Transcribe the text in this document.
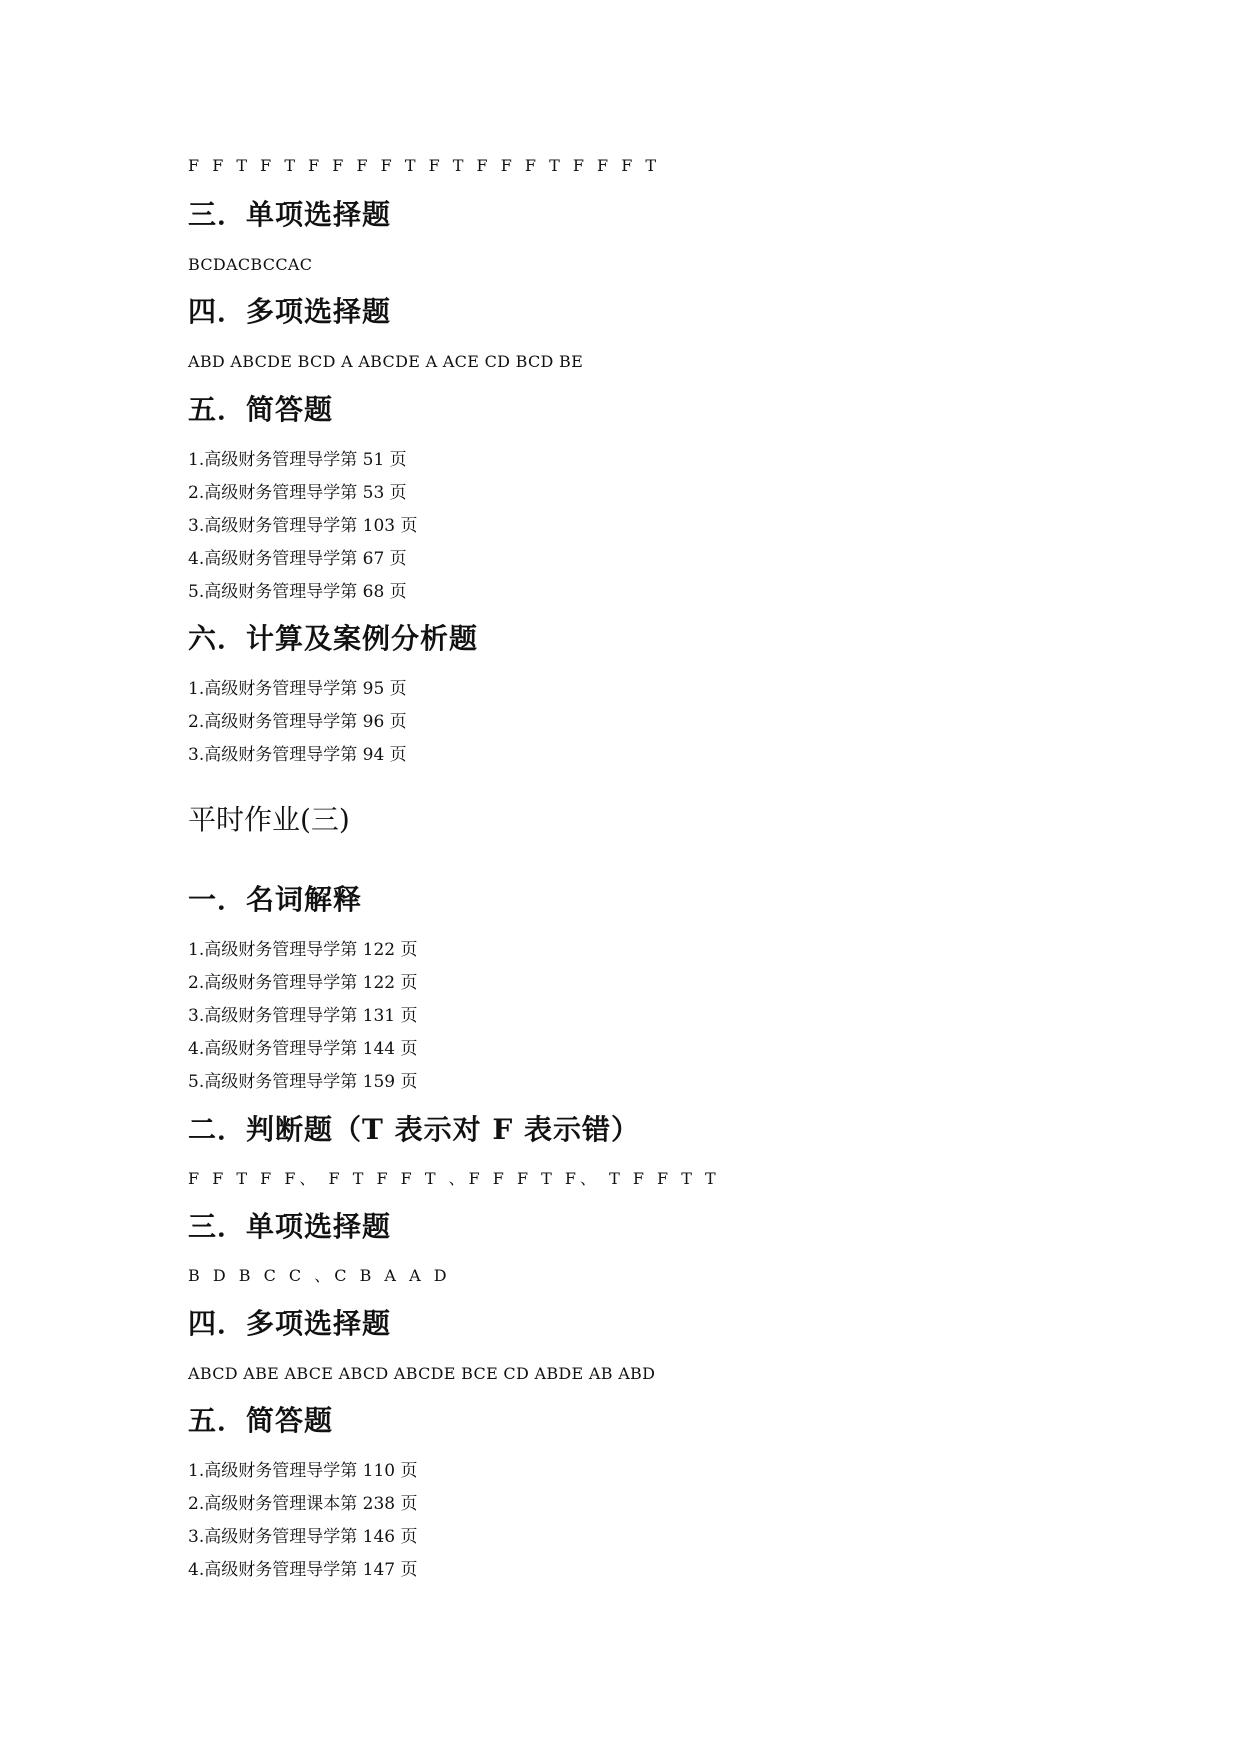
F F T F T F F F F T F T F F F T F F F T
三．单项选择题
BCDACBCCAC
四．多项选择题
ABD ABCDE BCD A ABCDE A ACE CD BCD BE
五．简答题
1.高级财务管理导学第 51 页
2.高级财务管理导学第 53 页
3.高级财务管理导学第 103 页
4.高级财务管理导学第 67 页
5.高级财务管理导学第 68 页
六．计算及案例分析题
1.高级财务管理导学第 95 页
2.高级财务管理导学第 96 页
3.高级财务管理导学第 94 页
平时作业(三)
一．名词解释
1.高级财务管理导学第 122 页
2.高级财务管理导学第 122 页
3.高级财务管理导学第 131 页
4.高级财务管理导学第 144 页
5.高级财务管理导学第 159 页
二．判断题（T 表示对 F 表示错）
F F T F F、 F T F F T 、F F F T F、 T F F T T
三．单项选择题
B D B C C 、C B A A D
四．多项选择题
ABCD ABE ABCE ABCD ABCDE BCE CD ABDE AB ABD
五．简答题
1.高级财务管理导学第 110 页
2.高级财务管理课本第 238 页
3.高级财务管理导学第 146 页
4.高级财务管理导学第 147 页
